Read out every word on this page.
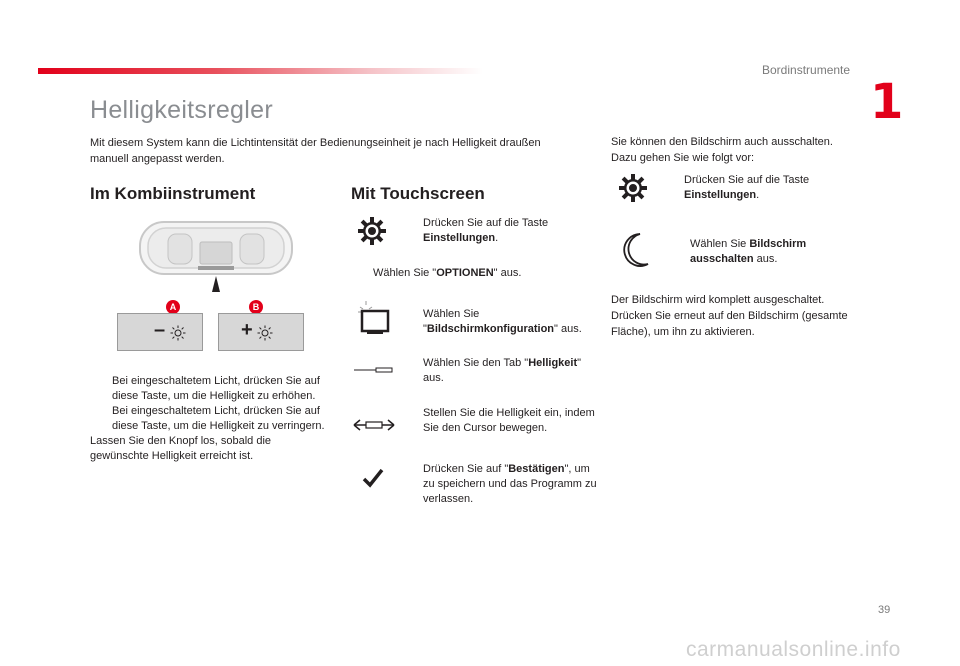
Bordinstrumente
1
Helligkeitsregler
Mit diesem System kann die Lichtintensität der Bedienungseinheit je nach Helligkeit draußen manuell angepasst werden.
Sie können den Bildschirm auch ausschalten. Dazu gehen Sie wie folgt vor:
Im Kombiinstrument	Mit Touchscreen
A	B
–	+
Bei eingeschaltetem Licht, drücken Sie auf diese Taste, um die Helligkeit zu erhöhen.
Bei eingeschaltetem Licht, drücken Sie auf diese Taste, um die Helligkeit zu verringern.
Lassen Sie den Knopf los, sobald die gewünschte Helligkeit erreicht ist.
Drücken Sie auf die Taste Einstellungen.
Wählen Sie "OPTIONEN" aus.
Wählen Sie "Bildschirmkonfiguration" aus.
Wählen Sie den Tab "Helligkeit" aus.
Stellen Sie die Helligkeit ein, indem Sie den Cursor bewegen.
Drücken Sie auf "Bestätigen", um zu speichern und das Programm zu verlassen.
Drücken Sie auf die Taste Einstellungen.
Wählen Sie Bildschirm ausschalten aus.
Der Bildschirm wird komplett ausgeschaltet. Drücken Sie erneut auf den Bildschirm (gesamte Fläche), um ihn zu aktivieren.
39
carmanualsonline.info
